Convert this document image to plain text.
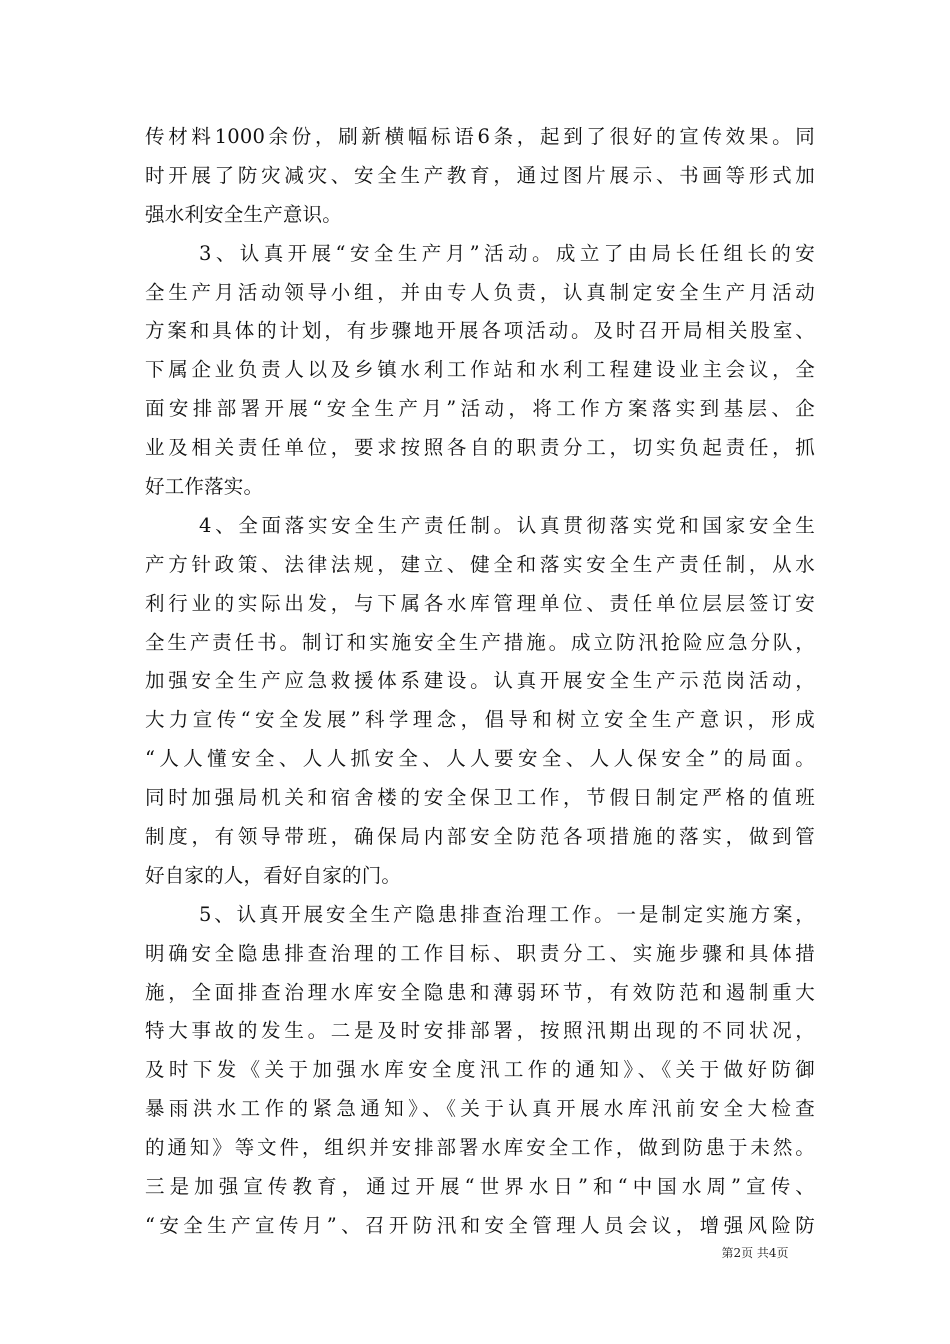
传材料1000余份，刷新横幅标语6条，起到了很好的宣传效果。同
时开展了防灾减灾、安全生产教育，通过图片展示、书画等形式加
强水利安全生产意识。
3、认真开展“安全生产月”活动。成立了由局长任组长的安
全生产月活动领导小组，并由专人负责，认真制定安全生产月活动
方案和具体的计划，有步骤地开展各项活动。及时召开局相关股室、
下属企业负责人以及乡镇水利工作站和水利工程建设业主会议，全
面安排部署开展“安全生产月”活动，将工作方案落实到基层、企
业及相关责任单位，要求按照各自的职责分工，切实负起责任，抓
好工作落实。
4、全面落实安全生产责任制。认真贯彻落实党和国家安全生
产方针政策、法律法规，建立、健全和落实安全生产责任制，从水
利行业的实际出发，与下属各水库管理单位、责任单位层层签订安
全生产责任书。制订和实施安全生产措施。成立防汛抢险应急分队，
加强安全生产应急救援体系建设。认真开展安全生产示范岗活动，
大力宣传“安全发展”科学理念，倡导和树立安全生产意识，形成
“人人懂安全、人人抓安全、人人要安全、人人保安全”的局面。
同时加强局机关和宿舍楼的安全保卫工作，节假日制定严格的值班
制度，有领导带班，确保局内部安全防范各项措施的落实，做到管
好自家的人，看好自家的门。
5、认真开展安全生产隐患排查治理工作。一是制定实施方案，
明确安全隐患排查治理的工作目标、职责分工、实施步骤和具体措
施，全面排查治理水库安全隐患和薄弱环节，有效防范和遏制重大
特大事故的发生。二是及时安排部署，按照汛期出现的不同状况，
及时下发《关于加强水库安全度汛工作的通知》、《关于做好防御
暴雨洪水工作的紧急通知》、《关于认真开展水库汛前安全大检查
的通知》等文件，组织并安排部署水库安全工作，做到防患于未然。
三是加强宣传教育，通过开展“世界水日”和“中国水周”宣传、
“安全生产宣传月”、召开防汛和安全管理人员会议，增强风险防
第2页 共4页
